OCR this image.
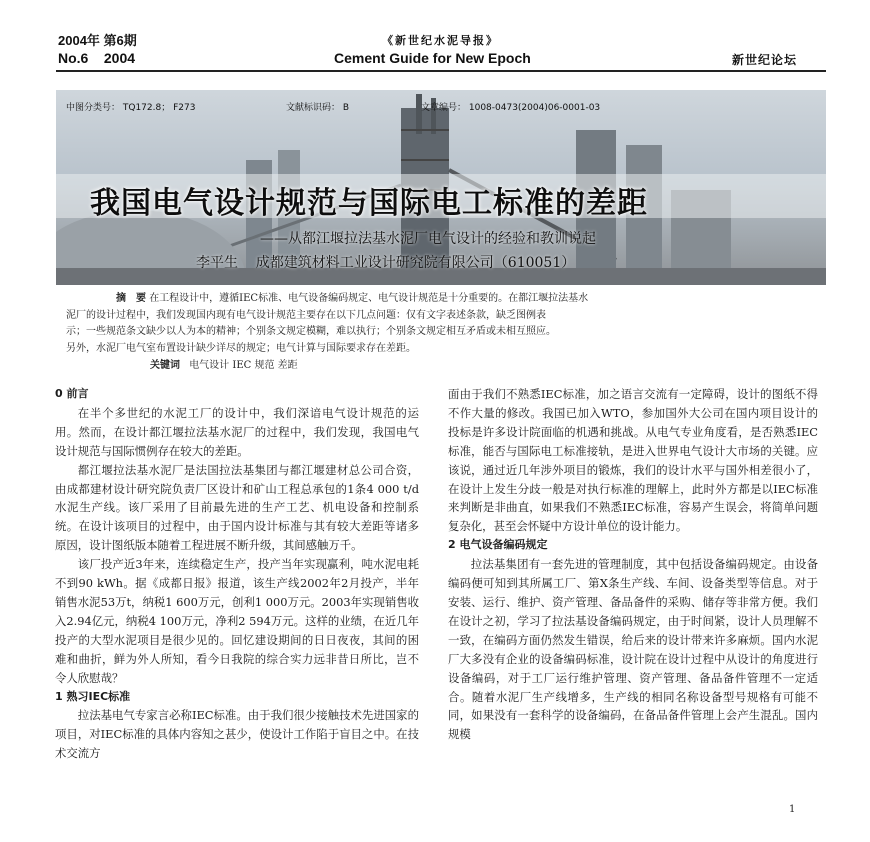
2004年 第6期	《新世纪水泥导报》
No.6    2004	Cement Guide for New Epoch	新世纪论坛
中图分类号： TQ172.8； F273	文献标识码： B	文章编号： 1008-0473(2004)06-0001-03
我国电气设计规范与国际电工标准的差距
——从都江堰拉法基水泥厂电气设计的经验和教训说起
李平生    成都建筑材料工业设计研究院有限公司（610051）
摘　要 在工程设计中，遵循IEC标准、电气设备编码规定、电气设计规范是十分重要的。在都江堰拉法基水
泥厂的设计过程中，我们发现国内现有电气设计规范主要存在以下几点问题：仅有文字表述条款，缺乏图例表
示；一些规范条文缺少以人为本的精神；个别条文规定模糊，难以执行；个别条文规定相互矛盾或未相互照应。
另外，水泥厂电气室布置设计缺少详尽的规定；电气计算与国际要求存在差距。
关键词 电气设计 IEC 规范 差距
0 前言
在半个多世纪的水泥工厂的设计中，我们深谙电气设计规范的运用。然而，在设计都江堰拉法基水泥厂的过程中，我们发现，我国电气设计规范与国际惯例存在较大的差距。
都江堰拉法基水泥厂是法国拉法基集团与都江堰建材总公司合资，由成都建材设计研究院负责厂区设计和矿山工程总承包的1条4 000 t/d水泥生产线。该厂采用了目前最先进的生产工艺、机电设备和控制系统。在设计该项目的过程中，由于国内设计标准与其有较大差距等诸多原因，设计图纸版本随着工程进展不断升级，其间感触万千。
该厂投产近3年来，连续稳定生产，投产当年实现赢利，吨水泥电耗不到90 kWh。据《成都日报》报道，该生产线2002年2月投产，半年销售水泥53万t，纳税1 600万元，创利1 000万元。2003年实现销售收入2.94亿元，纳税4 100万元，净利2 594万元。这样的业绩，在近几年投产的大型水泥项目是很少见的。回忆建设期间的日日夜夜，其间的困难和曲折，鲜为外人所知，看今日我院的综合实力远非昔日所比，岂不令人欣慰哉？
1 熟习IEC标准
拉法基电气专家言必称IEC标准。由于我们很少接触技术先进国家的项目，对IEC标准的具体内容知之甚少，使设计工作陷于盲目之中。在技术交流方
面由于我们不熟悉IEC标准，加之语言交流有一定障碍，设计的图纸不得不作大量的修改。我国已加入WTO，参加国外大公司在国内项目设计的投标是许多设计院面临的机遇和挑战。从电气专业角度看，是否熟悉IEC标准，能否与国际电工标准接轨，是进入世界电气设计大市场的关键。应该说，通过近几年涉外项目的锻炼，我们的设计水平与国外相差很小了，在设计上发生分歧一般是对执行标准的理解上，此时外方都是以IEC标准来判断是非曲直，如果我们不熟悉IEC标准，容易产生误会，将简单问题复杂化，甚至会怀疑中方设计单位的设计能力。
2 电气设备编码规定
拉法基集团有一套先进的管理制度，其中包括设备编码规定。由设备编码便可知到其所属工厂、第X条生产线、车间、设备类型等信息。对于安装、运行、维护、资产管理、备品备件的采购、储存等非常方便。我们在设计之初，学习了拉法基设备编码规定，由于时间紧，设计人员理解不一致，在编码方面仍然发生错误，给后来的设计带来许多麻烦。国内水泥厂大多没有企业的设备编码标准，设计院在设计过程中从设计的角度进行设备编码，对于工厂运行维护管理、资产管理、备品备件管理不一定适合。随着水泥厂生产线增多，生产线的相同名称设备型号规格有可能不同，如果没有一套科学的设备编码，在备品备件管理上会产生混乱。国内规模
1
